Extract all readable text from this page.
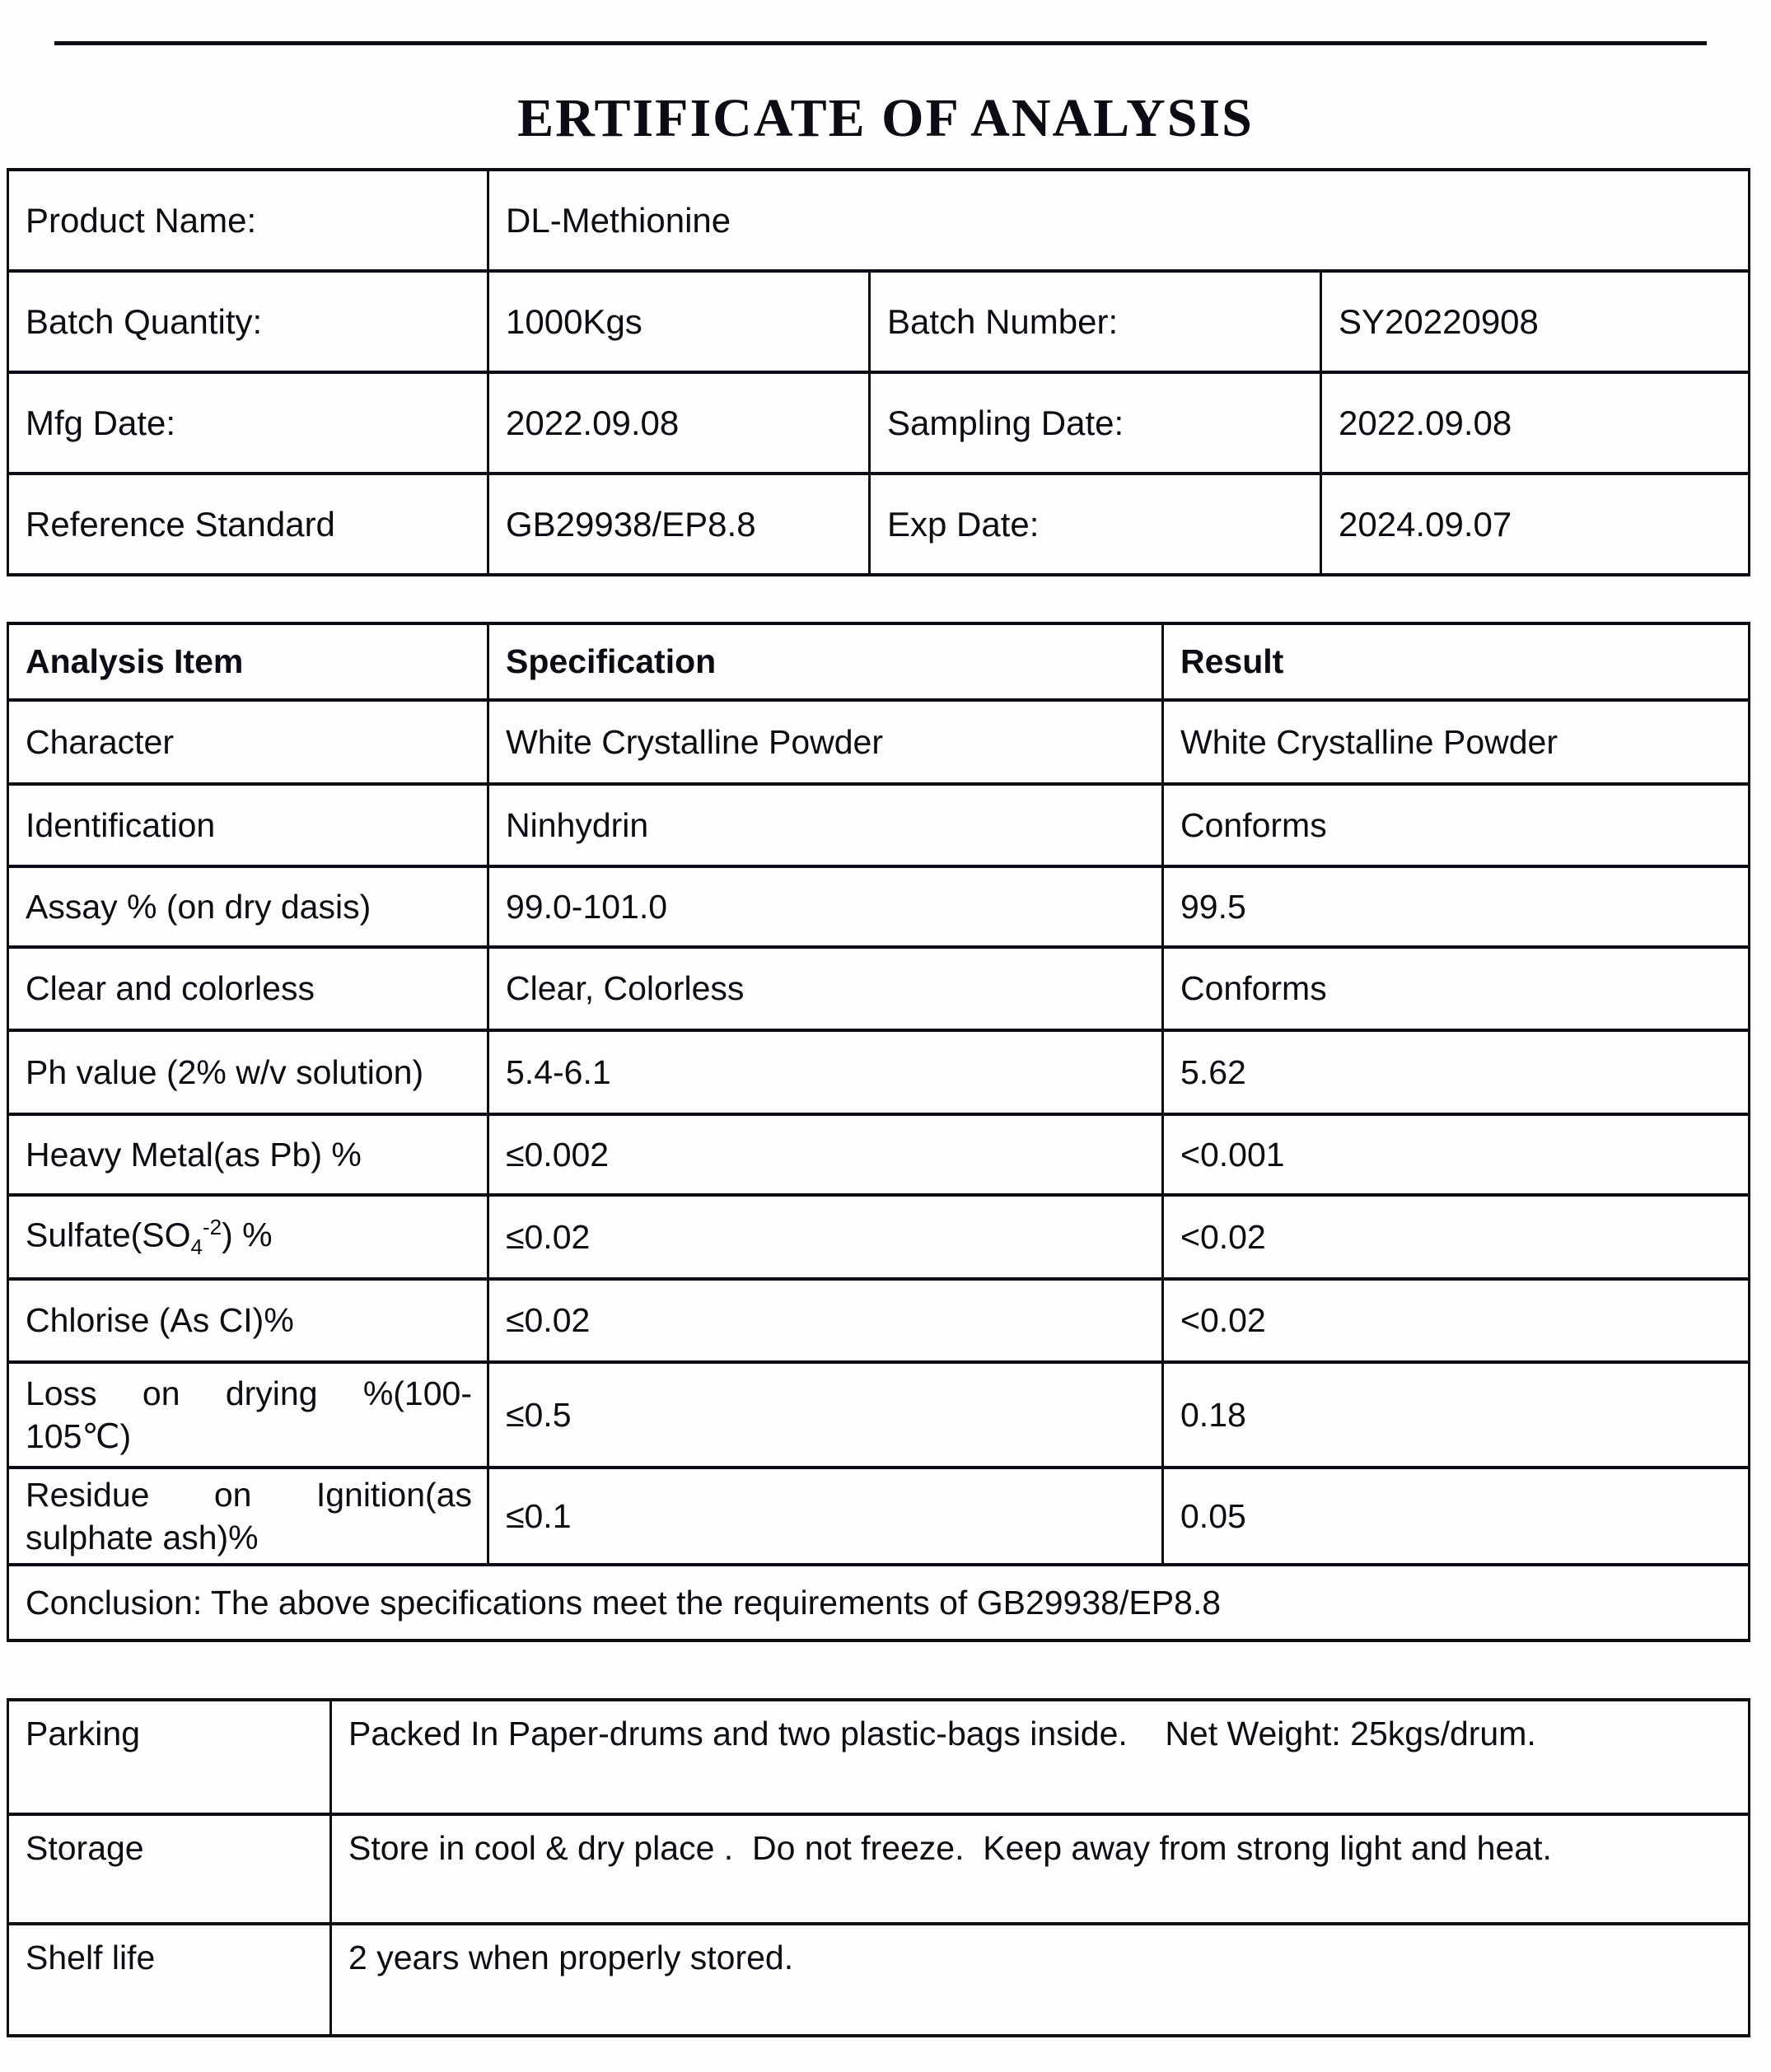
ERTIFICATE OF ANALYSIS
Product Name:	DL-Methionine		
Batch Quantity:	1000Kgs	Batch Number:	SY20220908
Mfg Date:	2022.09.08	Sampling Date:	2022.09.08
Reference Standard	GB29938/EP8.8	Exp Date:	2024.09.07
Analysis Item	Specification	Result
Character	White Crystalline Powder	White Crystalline Powder
Identification	Ninhydrin	Conforms
Assay % (on dry dasis)	99.0-101.0	99.5
Clear and colorless	Clear, Colorless	Conforms
Ph value (2% w/v solution)	5.4-6.1	5.62
Heavy Metal(as Pb) %	≤0.002	<0.001
$Sulfate(SO_4^{-2})$ %	≤0.02	<0.02
Chlorise (As CI)%	≤0.02	<0.02

Loss on drying %(100-
105℃)	≤0.5	0.18

Residue on Ignition(as
sulphate ash)%	≤0.1	0.05
Conclusion: The above specifications meet the requirements of GB29938/EP8.8		
Parking	Packed In Paper-drums and two plastic-bags inside.    Net Weight: 25kgs/drum.
Storage	Store in cool & dry place .  Do not freeze.  Keep away from strong light and heat.
Shelf life	2 years when properly stored.
